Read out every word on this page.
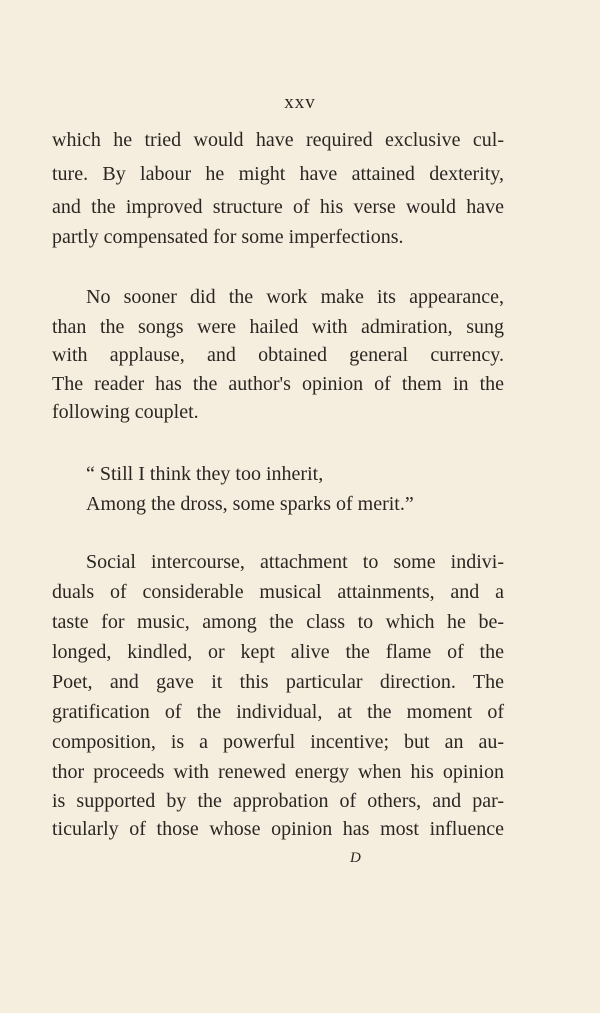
xxv
which he tried would have required exclusive cul-
ture. By labour he might have attained dexterity,
and the improved structure of his verse would have
partly compensated for some imperfections.
No sooner did the work make its appearance,
than the songs were hailed with admiration, sung
with applause, and obtained general currency.
The reader has the author's opinion of them in the
following couplet.
“ Still I think they too inherit,
Among the dross, some sparks of merit.”
Social intercourse, attachment to some indivi-
duals of considerable musical attainments, and a
taste for music, among the class to which he be-
longed, kindled, or kept alive the flame of the
Poet, and gave it this particular direction. The
gratification of the individual, at the moment of
composition, is a powerful incentive; but an au-
thor proceeds with renewed energy when his opinion
is supported by the approbation of others, and par-
ticularly of those whose opinion has most influence
D
